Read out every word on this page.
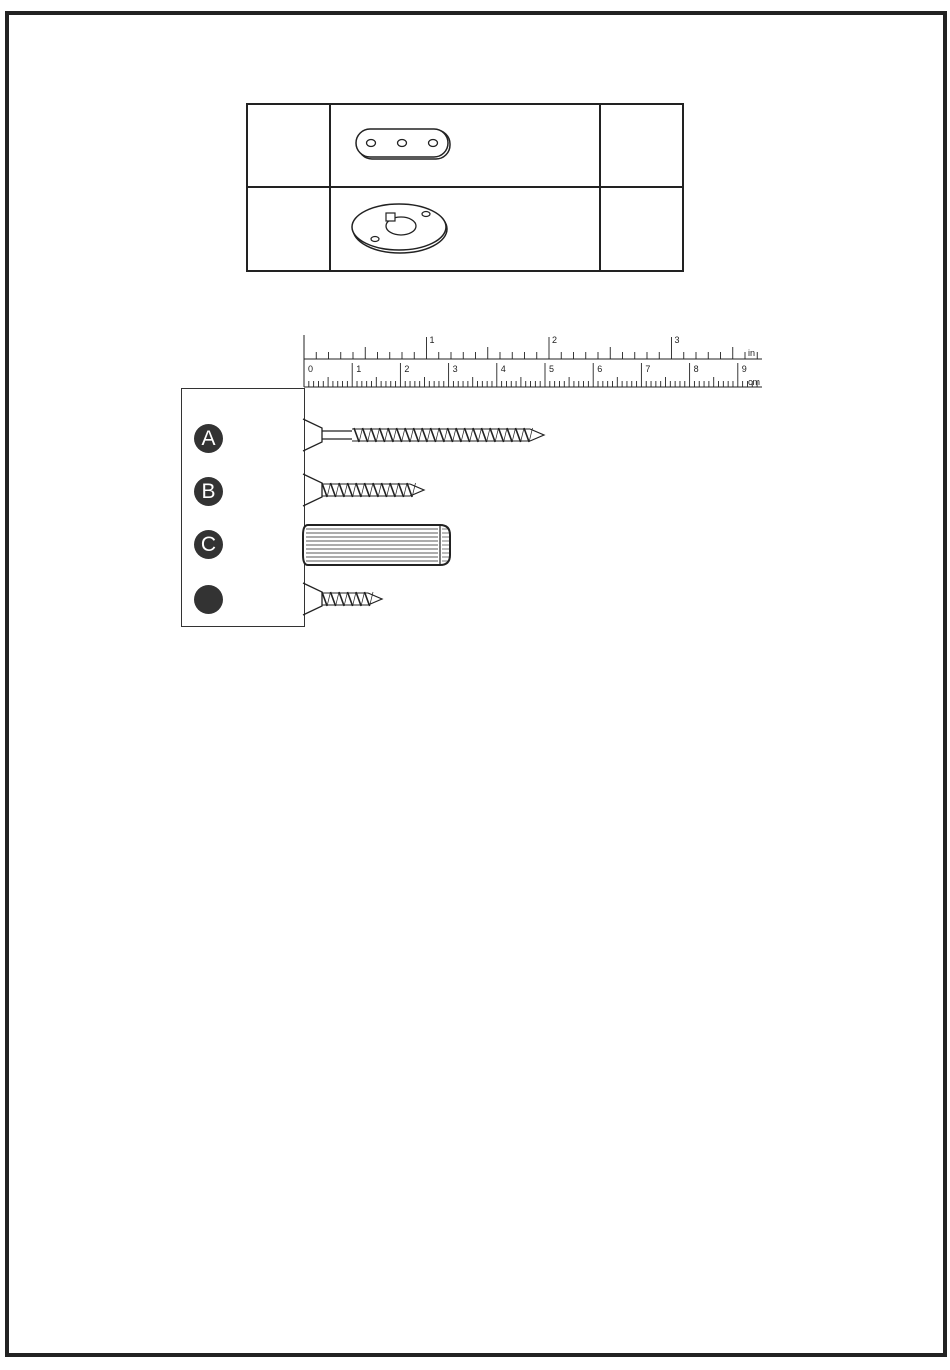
1	2	3
0	1	2	3	4	5	6	7	8	9
in
cm
A
B
C
